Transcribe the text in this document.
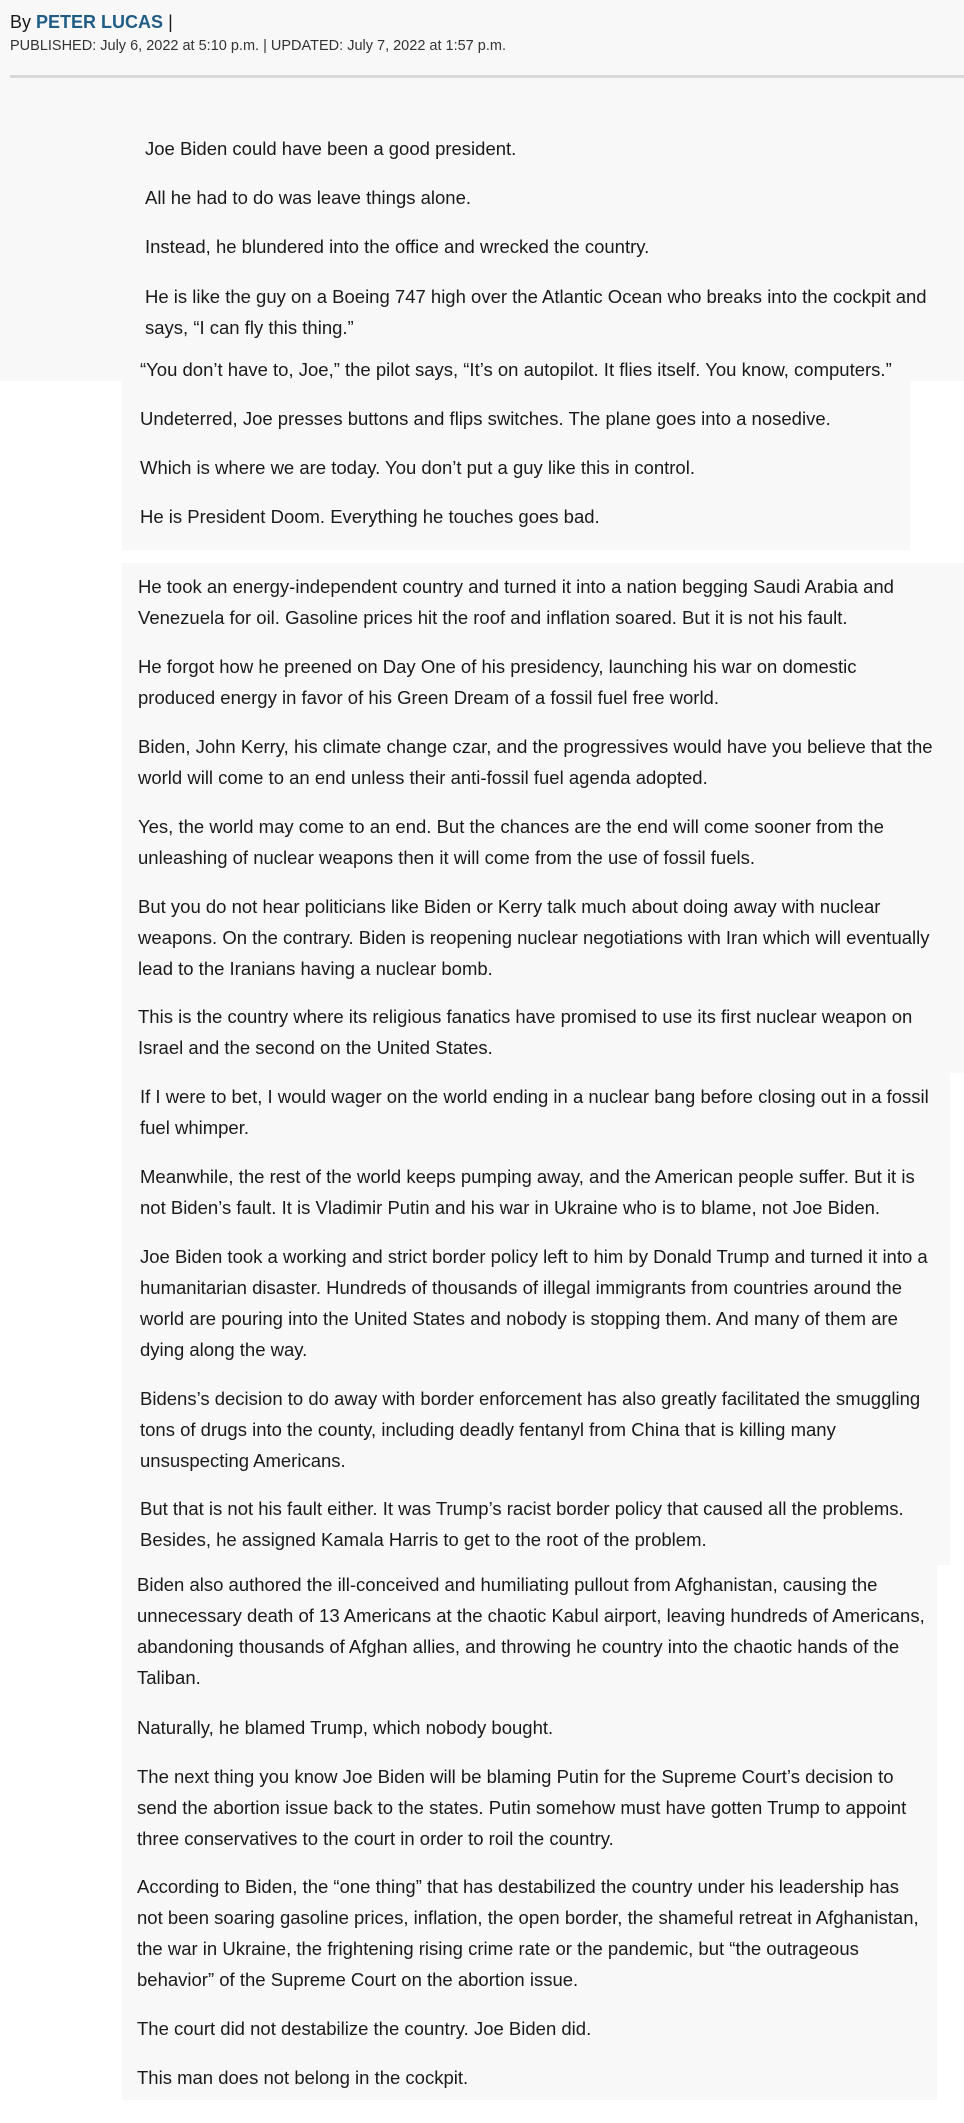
By PETER LUCAS |
PUBLISHED: July 6, 2022 at 5:10 p.m. | UPDATED: July 7, 2022 at 1:57 p.m.

Joe Biden could have been a good president.

All he had to do was leave things alone.

Instead, he blundered into the office and wrecked the country.

He is like the guy on a Boeing 747 high over the Atlantic Ocean who breaks into the cockpit and says, “I can fly this thing.”

“You don’t have to, Joe,” the pilot says, “It’s on autopilot. It flies itself. You know, computers.”

Undeterred, Joe presses buttons and flips switches. The plane goes into a nosedive.

Which is where we are today. You don’t put a guy like this in control.

He is President Doom. Everything he touches goes bad.

He took an energy-independent country and turned it into a nation begging Saudi Arabia and Venezuela for oil. Gasoline prices hit the roof and inflation soared. But it is not his fault.

He forgot how he preened on Day One of his presidency, launching his war on domestic produced energy in favor of his Green Dream of a fossil fuel free world.

Biden, John Kerry, his climate change czar, and the progressives would have you believe that the world will come to an end unless their anti-fossil fuel agenda adopted.

Yes, the world may come to an end. But the chances are the end will come sooner from the unleashing of nuclear weapons then it will come from the use of fossil fuels.

But you do not hear politicians like Biden or Kerry talk much about doing away with nuclear weapons. On the contrary. Biden is reopening nuclear negotiations with Iran which will eventually lead to the Iranians having a nuclear bomb.

This is the country where its religious fanatics have promised to use its first nuclear weapon on Israel and the second on the United States.

If I were to bet, I would wager on the world ending in a nuclear bang before closing out in a fossil fuel whimper.

Meanwhile, the rest of the world keeps pumping away, and the American people suffer. But it is not Biden’s fault. It is Vladimir Putin and his war in Ukraine who is to blame, not Joe Biden.

Joe Biden took a working and strict border policy left to him by Donald Trump and turned it into a humanitarian disaster. Hundreds of thousands of illegal immigrants from countries around the world are pouring into the United States and nobody is stopping them. And many of them are dying along the way.

Bidens’s decision to do away with border enforcement has also greatly facilitated the smuggling tons of drugs into the county, including deadly fentanyl from China that is killing many unsuspecting Americans.

But that is not his fault either. It was Trump’s racist border policy that caused all the problems. Besides, he assigned Kamala Harris to get to the root of the problem.

Biden also authored the ill-conceived and humiliating pullout from Afghanistan, causing the unnecessary death of 13 Americans at the chaotic Kabul airport, leaving hundreds of Americans, abandoning thousands of Afghan allies, and throwing he country into the chaotic hands of the Taliban.

Naturally, he blamed Trump, which nobody bought.

The next thing you know Joe Biden will be blaming Putin for the Supreme Court’s decision to send the abortion issue back to the states. Putin somehow must have gotten Trump to appoint three conservatives to the court in order to roil the country.

According to Biden, the “one thing” that has destabilized the country under his leadership has not been soaring gasoline prices, inflation, the open border, the shameful retreat in Afghanistan, the war in Ukraine, the frightening rising crime rate or the pandemic, but “the outrageous behavior” of the Supreme Court on the abortion issue.

The court did not destabilize the country. Joe Biden did.

This man does not belong in the cockpit.
